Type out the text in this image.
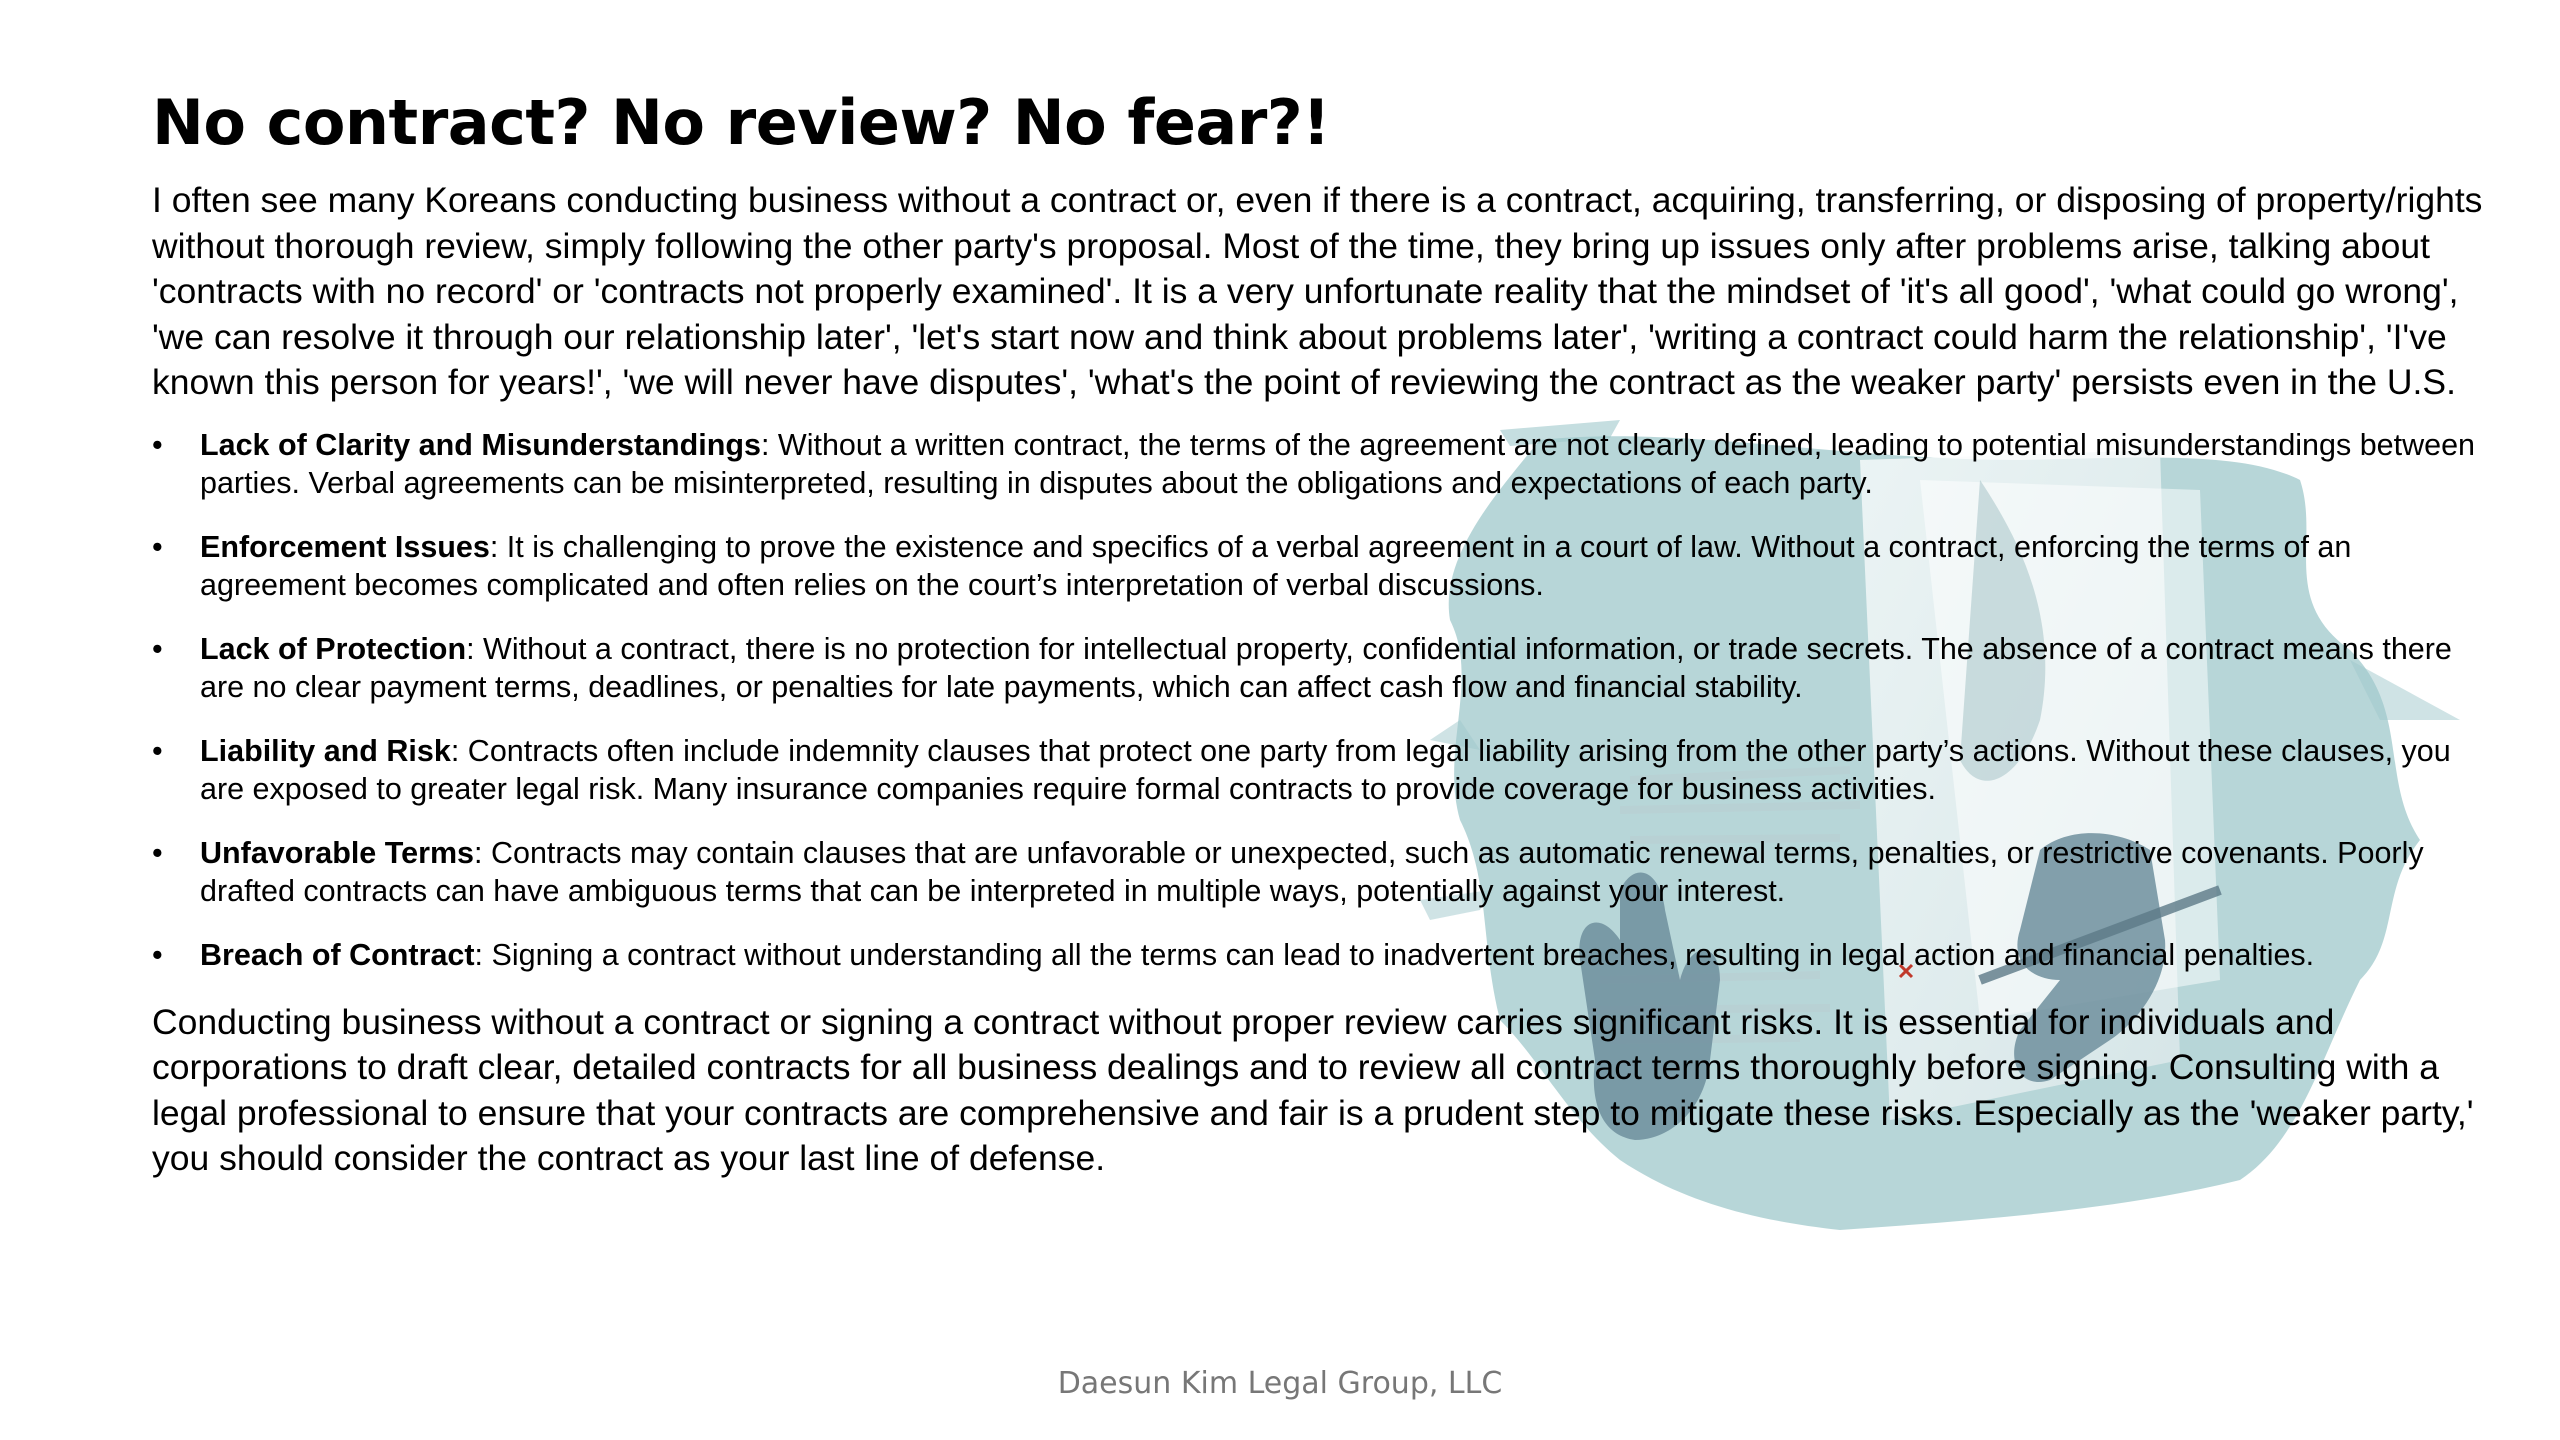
No contract? No review? No fear?!

I often see many Koreans conducting business without a contract or, even if there is a contract, acquiring, transferring, or disposing of property/rights without thorough review, simply following the other party's proposal. Most of the time, they bring up issues only after problems arise, talking about 'contracts with no record' or 'contracts not properly examined'. It is a very unfortunate reality that the mindset of 'it's all good', 'what could go wrong', 'we can resolve it through our relationship later', 'let's start now and think about problems later', 'writing a contract could harm the relationship', 'I've known this person for years!', 'we will never have disputes', 'what's the point of reviewing the contract as the weaker party' persists even in the U.S.

•	Lack of Clarity and Misunderstandings: Without a written contract, the terms of the agreement are not clearly defined, leading to potential misunderstandings between parties. Verbal agreements can be misinterpreted, resulting in disputes about the obligations and expectations of each party.
•	Enforcement Issues: It is challenging to prove the existence and specifics of a verbal agreement in a court of law. Without a contract, enforcing the terms of an agreement becomes complicated and often relies on the court’s interpretation of verbal discussions.
•	Lack of Protection: Without a contract, there is no protection for intellectual property, confidential information, or trade secrets. The absence of a contract means there are no clear payment terms, deadlines, or penalties for late payments, which can affect cash flow and financial stability.
•	Liability and Risk: Contracts often include indemnity clauses that protect one party from legal liability arising from the other party’s actions. Without these clauses, you are exposed to greater legal risk. Many insurance companies require formal contracts to provide coverage for business activities.
•	Unfavorable Terms: Contracts may contain clauses that are unfavorable or unexpected, such as automatic renewal terms, penalties, or restrictive covenants. Poorly drafted contracts can have ambiguous terms that can be interpreted in multiple ways, potentially against your interest.
•	Breach of Contract: Signing a contract without understanding all the terms can lead to inadvertent breaches, resulting in legal action and financial penalties.

Conducting business without a contract or signing a contract without proper review carries significant risks. It is essential for individuals and corporations to draft clear, detailed contracts for all business dealings and to review all contract terms thoroughly before signing. Consulting with a legal professional to ensure that your contracts are comprehensive and fair is a prudent step to mitigate these risks. Especially as the 'weaker party,' you should consider the contract as your last line of defense.

Daesun Kim Legal Group, LLC
